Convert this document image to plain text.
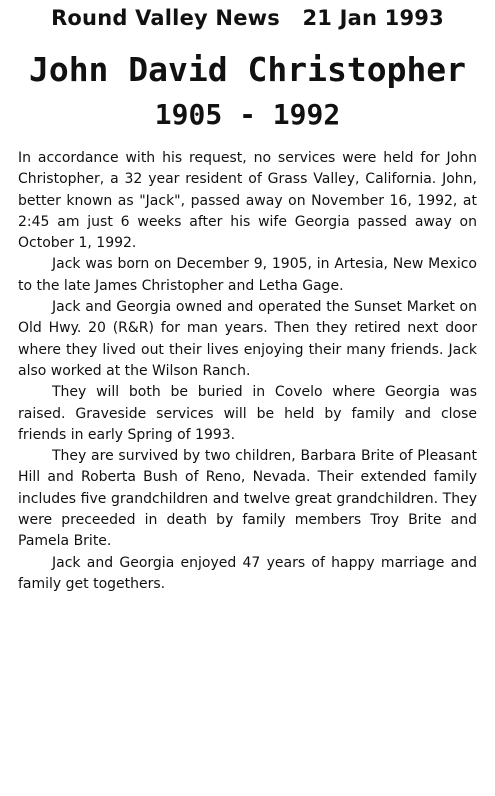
Round Valley News 21 Jan 1993
John David Christopher
1905 - 1992

In accordance with his request, no services were held for John Christopher, a 32 year resident of Grass Valley, California. John, better known as "Jack", passed away on November 16, 1992, at 2:45 am just 6 weeks after his wife Georgia passed away on October 1, 1992.

Jack was born on December 9, 1905, in Artesia, New Mexico to the late James Christopher and Letha Gage.

Jack and Georgia owned and operated the Sunset Market on Old Hwy. 20 (R&R) for man years. Then they retired next door where they lived out their lives enjoying their many friends. Jack also worked at the Wilson Ranch.

They will both be buried in Covelo where Georgia was raised. Graveside services will be held by family and close friends in early Spring of 1993.

They are survived by two children, Barbara Brite of Pleasant Hill and Roberta Bush of Reno, Nevada. Their extended family includes five grandchildren and twelve great grandchildren. They were preceeded in death by family members Troy Brite and Pamela Brite.

Jack and Georgia enjoyed 47 years of happy marriage and family get togethers.
